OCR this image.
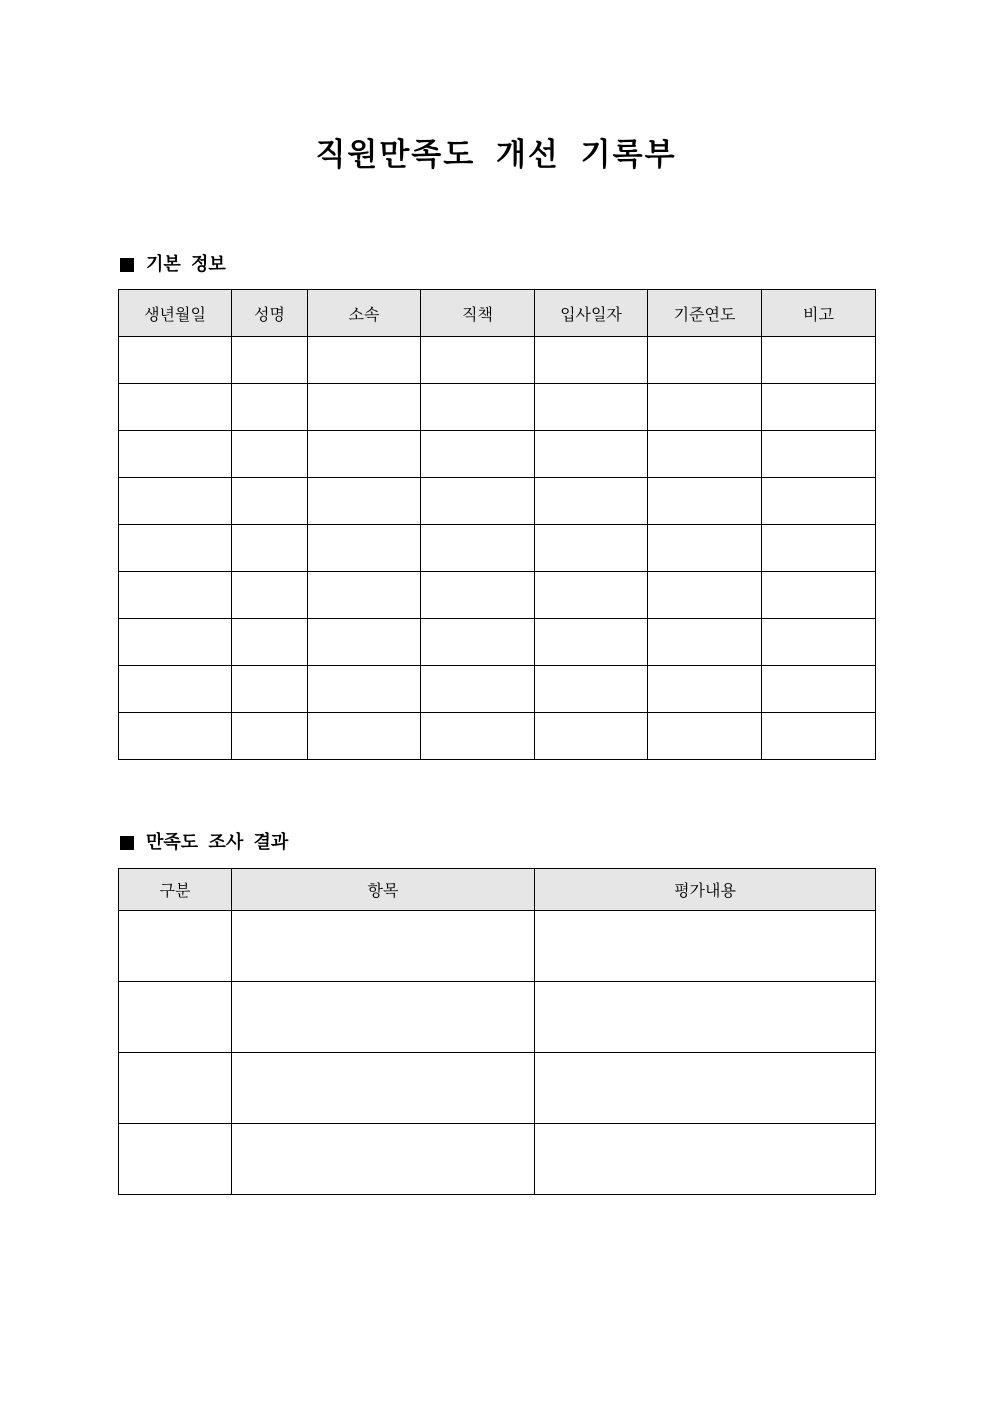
직원만족도 개선 기록부
기본 정보
생년월일	성명	소속	직책	입사일자	기준연도	비고

만족도 조사 결과
구분	항목	평가내용
